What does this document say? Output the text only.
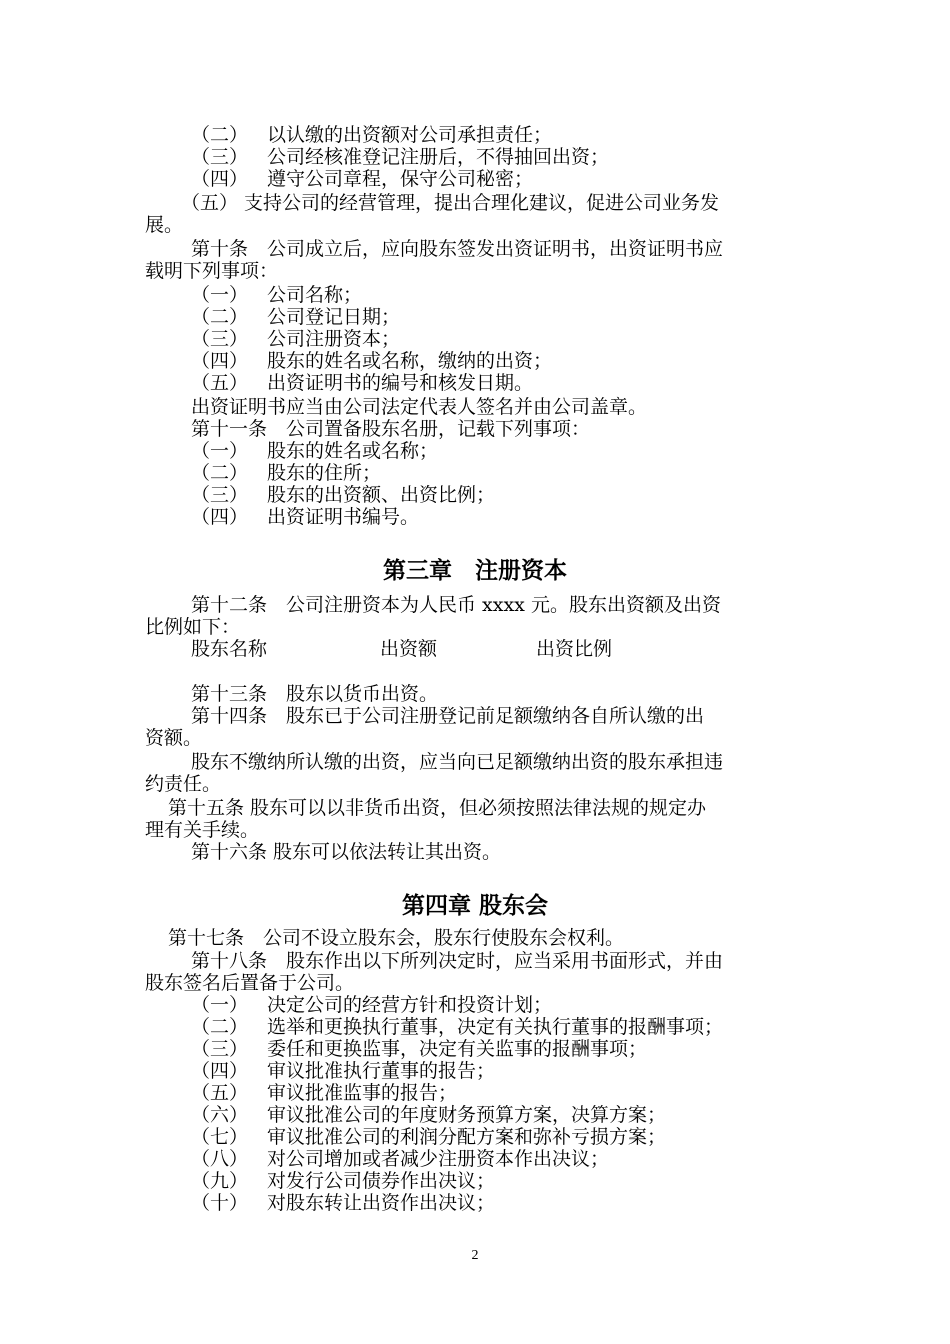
（二） 以认缴的出资额对公司承担责任；
（三） 公司经核准登记注册后，不得抽回出资；
（四） 遵守公司章程，保守公司秘密；
（五） 支持公司的经营管理，提出合理化建议，促进公司业务发
展。
第十条　公司成立后，应向股东签发出资证明书，出资证明书应
载明下列事项：
（一） 公司名称；
（二） 公司登记日期；
（三） 公司注册资本；
（四） 股东的姓名或名称，缴纳的出资；
（五） 出资证明书的编号和核发日期。
出资证明书应当由公司法定代表人签名并由公司盖章。
第十一条　公司置备股东名册，记载下列事项：
（一） 股东的姓名或名称；
（二） 股东的住所；
（三） 股东的出资额、出资比例；
（四） 出资证明书编号。
第三章　注册资本
第十二条　公司注册资本为人民币 xxxx 元。股东出资额及出资
比例如下：
股东名称	出资额	出资比例
第十三条　股东以货币出资。
第十四条　股东已于公司注册登记前足额缴纳各自所认缴的出
资额。
股东不缴纳所认缴的出资，应当向已足额缴纳出资的股东承担违
约责任。
第十五条 股东可以以非货币出资，但必须按照法律法规的规定办
理有关手续。
第十六条 股东可以依法转让其出资。
第四章 股东会
第十七条　公司不设立股东会，股东行使股东会权利。
第十八条　股东作出以下所列决定时，应当采用书面形式，并由
股东签名后置备于公司。
（一） 决定公司的经营方针和投资计划；
（二） 选举和更换执行董事，决定有关执行董事的报酬事项；
（三） 委任和更换监事，决定有关监事的报酬事项；
（四） 审议批准执行董事的报告；
（五） 审议批准监事的报告；
（六） 审议批准公司的年度财务预算方案，决算方案；
（七） 审议批准公司的利润分配方案和弥补亏损方案；
（八） 对公司增加或者减少注册资本作出决议；
（九） 对发行公司债券作出决议；
（十） 对股东转让出资作出决议；
2
